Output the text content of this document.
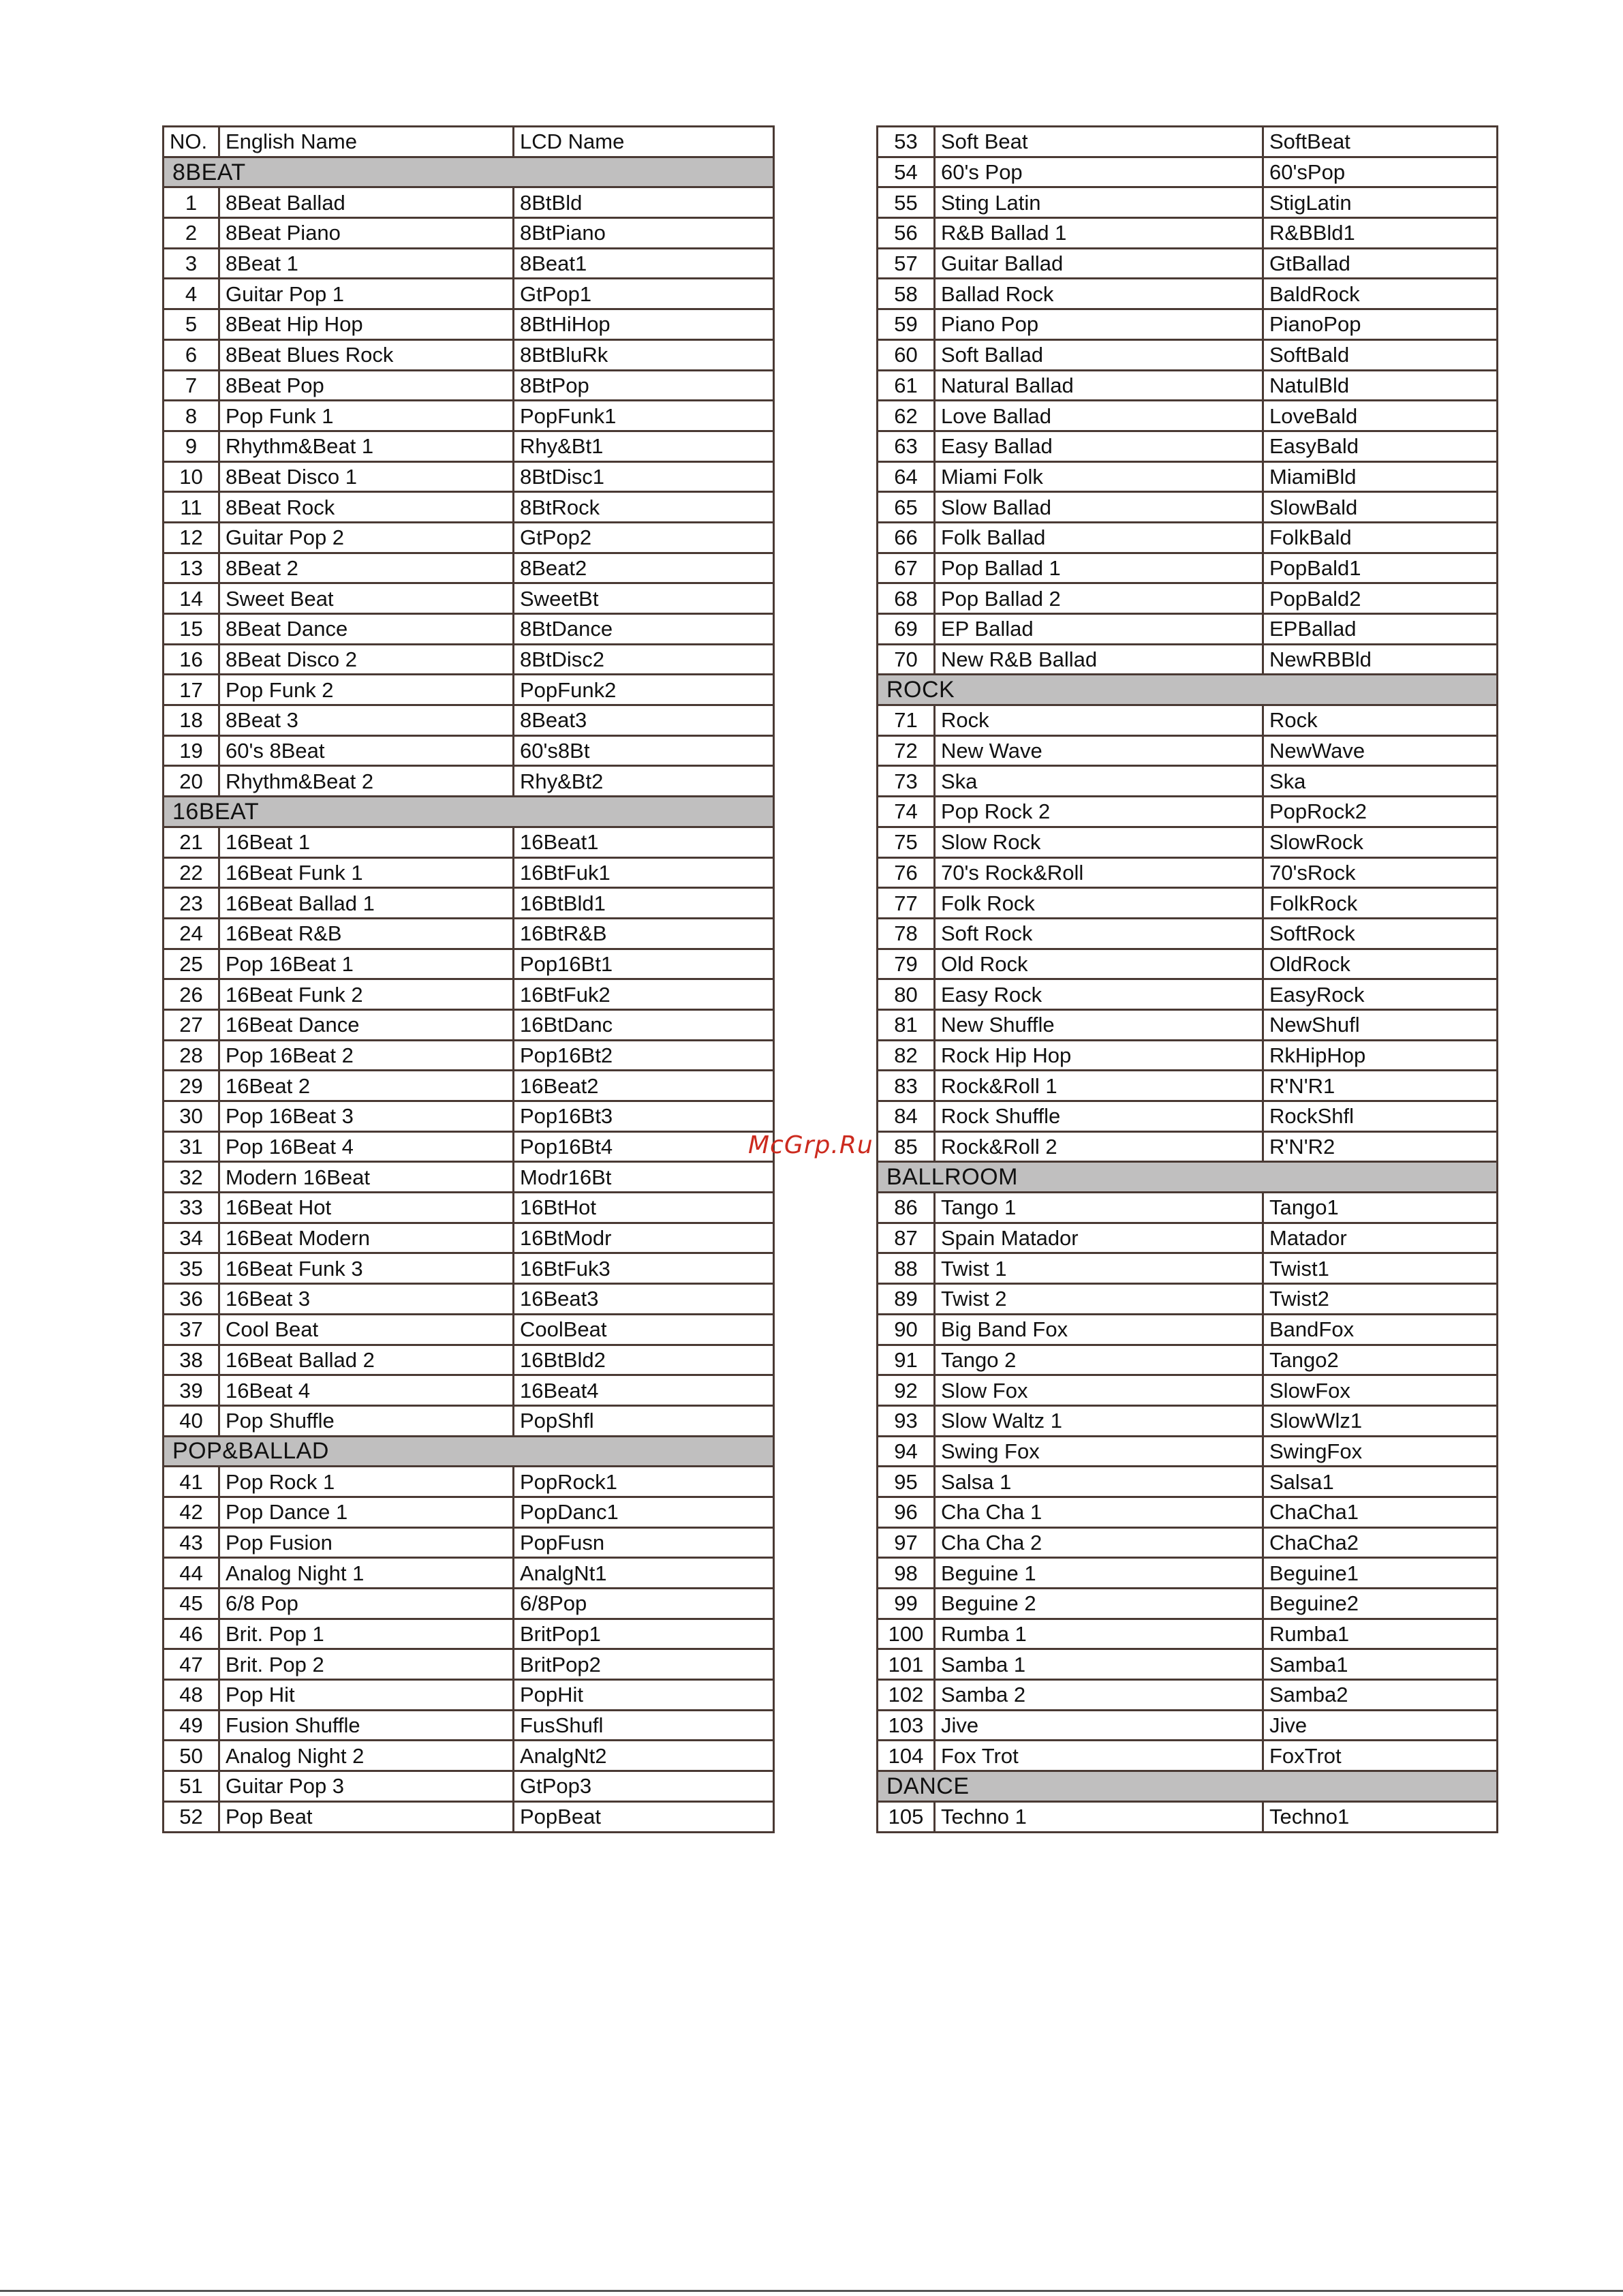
NO.	English Name	LCD Name
8BEAT		
1	8Beat Ballad	8BtBld
2	8Beat Piano	8BtPiano
3	8Beat 1	8Beat1
4	Guitar Pop 1	GtPop1
5	8Beat Hip Hop	8BtHiHop
6	8Beat Blues Rock	8BtBluRk
7	8Beat Pop	8BtPop
8	Pop Funk 1	PopFunk1
9	Rhythm&Beat 1	Rhy&Bt1
10	8Beat Disco 1	8BtDisc1
11	8Beat Rock	8BtRock
12	Guitar Pop 2	GtPop2
13	8Beat 2	8Beat2
14	Sweet Beat	SweetBt
15	8Beat Dance	8BtDance
16	8Beat Disco 2	8BtDisc2
17	Pop Funk 2	PopFunk2
18	8Beat 3	8Beat3
19	60's 8Beat	60's8Bt
20	Rhythm&Beat 2	Rhy&Bt2
16BEAT		
21	16Beat 1	16Beat1
22	16Beat Funk 1	16BtFuk1
23	16Beat Ballad 1	16BtBld1
24	16Beat R&B	16BtR&B
25	Pop 16Beat 1	Pop16Bt1
26	16Beat Funk 2	16BtFuk2
27	16Beat Dance	16BtDanc
28	Pop 16Beat 2	Pop16Bt2
29	16Beat 2	16Beat2
30	Pop 16Beat 3	Pop16Bt3
31	Pop 16Beat 4	Pop16Bt4
32	Modern 16Beat	Modr16Bt
33	16Beat Hot	16BtHot
34	16Beat Modern	16BtModr
35	16Beat Funk 3	16BtFuk3
36	16Beat 3	16Beat3
37	Cool Beat	CoolBeat
38	16Beat Ballad 2	16BtBld2
39	16Beat 4	16Beat4
40	Pop Shuffle	PopShfl
POP&BALLAD		
41	Pop Rock 1	PopRock1
42	Pop Dance 1	PopDanc1
43	Pop Fusion	PopFusn
44	Analog Night 1	AnalgNt1
45	6/8 Pop	6/8Pop
46	Brit. Pop 1	BritPop1
47	Brit. Pop 2	BritPop2
48	Pop Hit	PopHit
49	Fusion Shuffle	FusShufl
50	Analog Night 2	AnalgNt2
51	Guitar Pop 3	GtPop3
52	Pop Beat	PopBeat
53	Soft Beat	SoftBeat
54	60's Pop	60'sPop
55	Sting Latin	StigLatin
56	R&B Ballad 1	R&BBld1
57	Guitar Ballad	GtBallad
58	Ballad Rock	BaldRock
59	Piano Pop	PianoPop
60	Soft Ballad	SoftBald
61	Natural Ballad	NatulBld
62	Love Ballad	LoveBald
63	Easy Ballad	EasyBald
64	Miami Folk	MiamiBld
65	Slow Ballad	SlowBald
66	Folk Ballad	FolkBald
67	Pop Ballad 1	PopBald1
68	Pop Ballad 2	PopBald2
69	EP Ballad	EPBallad
70	New R&B Ballad	NewRBBld
ROCK		
71	Rock	Rock
72	New Wave	NewWave
73	Ska	Ska
74	Pop Rock 2	PopRock2
75	Slow Rock	SlowRock
76	70's Rock&Roll	70'sRock
77	Folk Rock	FolkRock
78	Soft Rock	SoftRock
79	Old Rock	OldRock
80	Easy Rock	EasyRock
81	New Shuffle	NewShufl
82	Rock Hip Hop	RkHipHop
83	Rock&Roll 1	R'N'R1
84	Rock Shuffle	RockShfl
85	Rock&Roll 2	R'N'R2
BALLROOM		
86	Tango 1	Tango1
87	Spain Matador	Matador
88	Twist 1	Twist1
89	Twist 2	Twist2
90	Big Band Fox	BandFox
91	Tango 2	Tango2
92	Slow Fox	SlowFox
93	Slow Waltz 1	SlowWlz1
94	Swing Fox	SwingFox
95	Salsa 1	Salsa1
96	Cha Cha 1	ChaCha1
97	Cha Cha 2	ChaCha2
98	Beguine 1	Beguine1
99	Beguine 2	Beguine2
100	Rumba 1	Rumba1
101	Samba 1	Samba1
102	Samba 2	Samba2
103	Jive	Jive
104	Fox Trot	FoxTrot
DANCE		
105	Techno 1	Techno1
McGrp.Ru
